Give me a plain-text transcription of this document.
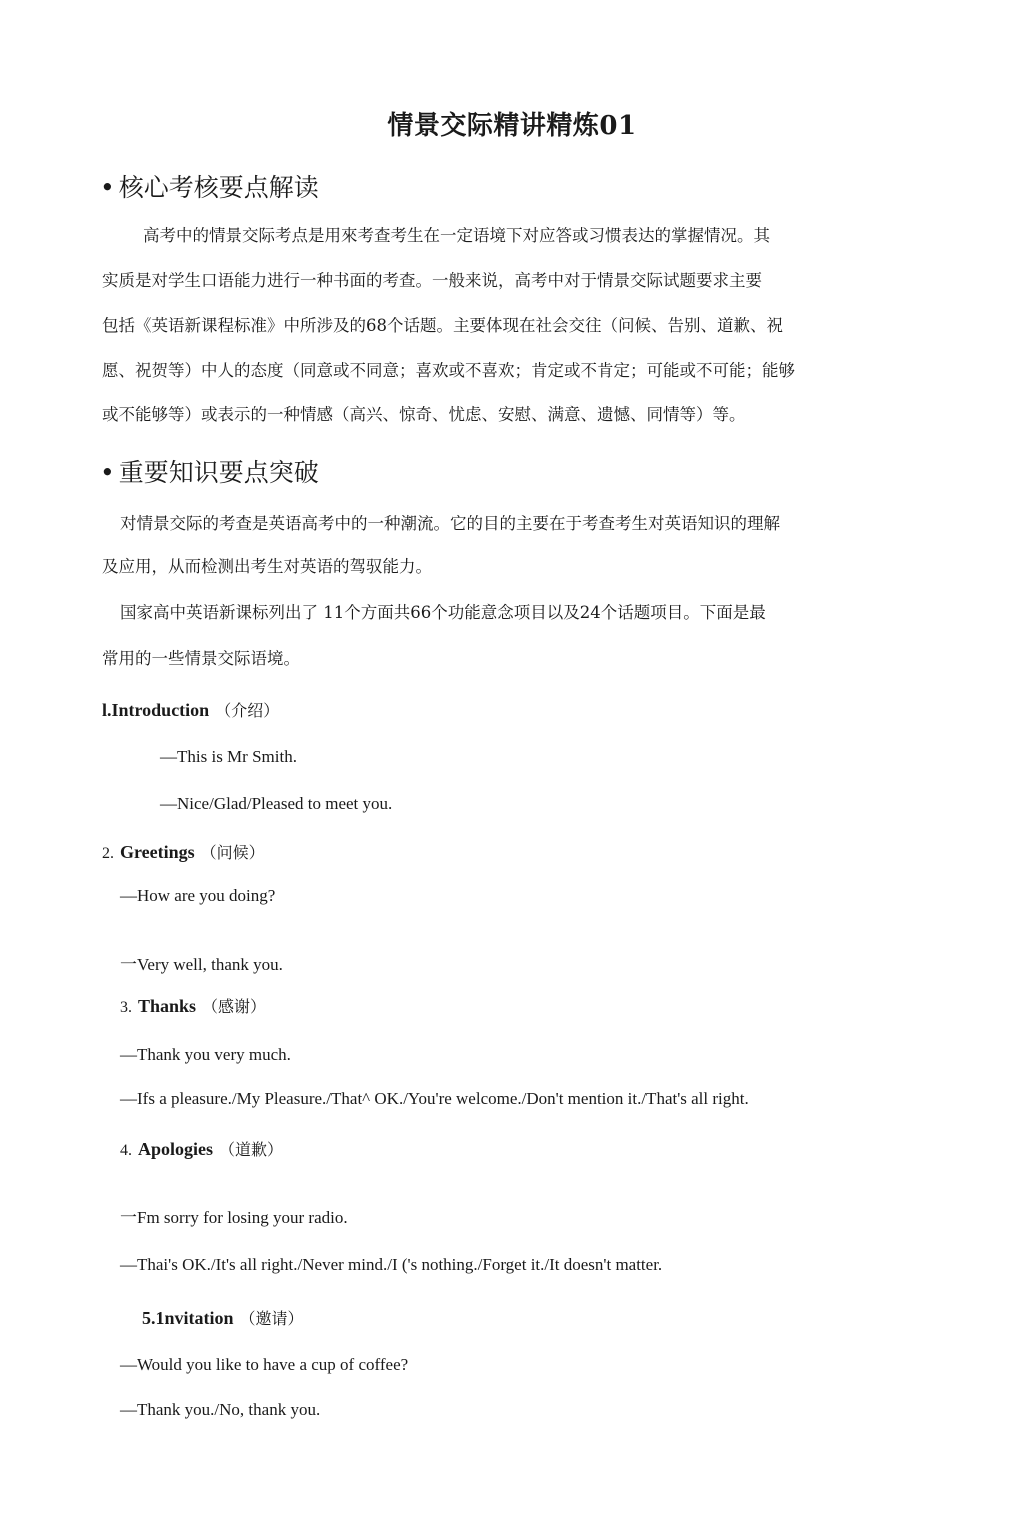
情景交际精讲精炼01
• 核心考核要点解读
高考中的情景交际考点是用來考查考生在一定语境下对应答或习惯表达的掌握情况。其
实质是对学生口语能力进行一种书面的考查。一般来说，高考中对于情景交际试题要求主要
包括《英语新课程标准》中所涉及的68个话题。主要体现在社会交往（问候、告别、道歉、祝
愿、祝贺等）中人的态度（同意或不同意；喜欢或不喜欢；肯定或不肯定；可能或不可能；能够
或不能够等）或表示的一种情感（高兴、惊奇、忧虑、安慰、满意、遗憾、同情等）等。
• 重要知识要点突破
对情景交际的考查是英语高考中的一种潮流。它的目的主要在于考查考生对英语知识的理解
及应用，从而检测出考生对英语的驾驭能力。
国家高中英语新课标列出了 11个方面共66个功能意念项目以及24个话题项目。下面是最
常用的一些情景交际语境。
l.Introduction （介绍）
—This is Mr Smith.
—Nice/Glad/Pleased to meet you.
2. Greetings （问候）
—How are you doing?
一Very well, thank you.
3. Thanks （感谢）
—Thank you very much.
—Ifs a pleasure./My Pleasure./That^ OK./You're welcome./Don't mention it./That's all right.
4. Apologies （道歉）
一Fm sorry for losing your radio.
—Thai's OK./It's all right./Never mind./I ('s nothing./Forget it./It doesn't matter.
5.1nvitation （邀请）
—Would you like to have a cup of coffee?
—Thank you./No, thank you.
